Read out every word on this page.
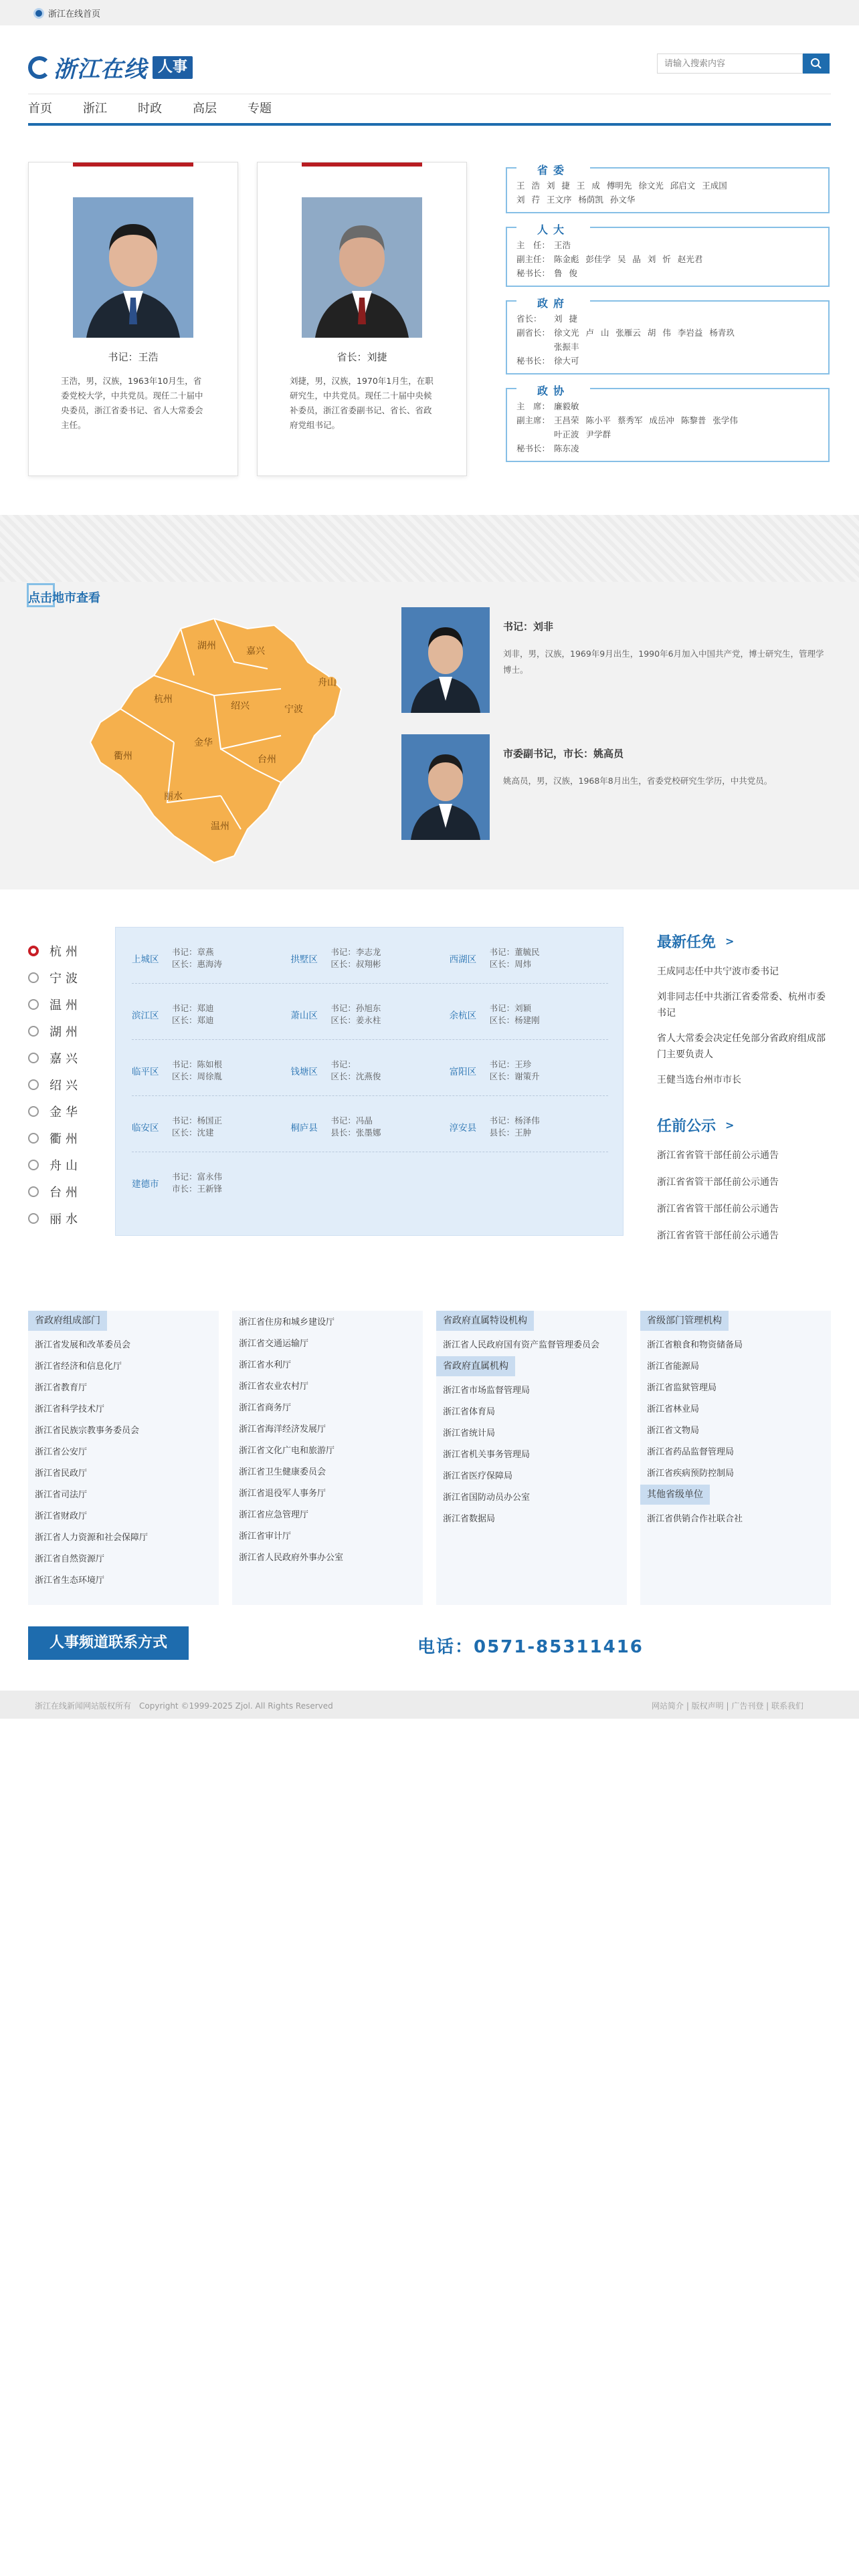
浙江在线首页
浙江在线 人事
请输入搜索内容
首页	浙江	时政	高层	专题
书记：王浩
王浩，男，汉族，1963年10月生，省委党校大学，中共党员。现任二十届中央委员，浙江省委书记、省人大常委会主任。
省长：刘捷
刘捷，男，汉族，1970年1月生，在职研究生，中共党员。现任二十届中央候补委员，浙江省委副书记、省长、省政府党组书记。
省委
王 浩 刘 捷 王 成 傅明先 徐文光 邱启文 王成国
刘 荇 王文序 杨荫凯 孙文华
人大
主　任： 王浩
副主任： 陈金彪 彭佳学 吴 晶 刘 忻 赵光君
秘书长： 鲁 俊
政府
省长：	刘 捷
副省长： 徐文光 卢 山 张雁云 胡 伟 李岩益 杨青玖
张振丰
秘书长： 徐大可
政协
主　席： 廉毅敏
副主席： 王昌荣 陈小平 蔡秀军 成岳冲 陈黎普 张学伟
叶正波 尹学群
秘书长： 陈东凌
点击地市查看
湖州	嘉兴
杭州
舟山
绍兴	宁波
金华
台州
衢州
丽水
温州
书记：刘非
刘非，男，汉族，1969年9月出生，1990年6月加入中国共产党，博士研究生，管理学博士。
市委副书记，市长：姚高员
姚高员，男，汉族，1968年8月出生，省委党校研究生学历，中共党员。
杭州
宁波
温州
湖州
嘉兴
绍兴
金华
衢州
舟山
台州
丽水
上城区
书记：章燕
区长：惠海涛	拱墅区
书记：李志龙
区长：叔翔彬	西湖区
书记：董毓民
区长：周炜
滨江区
书记：郑迪
区长：郑迪	萧山区
书记：孙旭东
区长：姜永柱	余杭区
书记：刘颖
区长：杨建刚
临平区
书记：陈如根
区长：周徐胤	钱塘区
书记：
区长：沈燕俊	富阳区
书记：王珍
区长：谢策升
临安区
书记：杨国正
区长：沈建	桐庐县
书记：冯晶
县长：张墨娜	淳安县
书记：杨泽伟
县长：王肿
建德市
书记：富永伟
市长：王新锋
最新任免 >
王成同志任中共宁波市委书记
刘非同志任中共浙江省委常委、杭州市委书记
省人大常委会决定任免部分省政府组成部门主要负责人
王健当选台州市市长
任前公示 >
浙江省省管干部任前公示通告
浙江省省管干部任前公示通告
浙江省省管干部任前公示通告
浙江省省管干部任前公示通告
省政府组成部门
浙江省发展和改革委员会
浙江省经济和信息化厅
浙江省教育厅
浙江省科学技术厅
浙江省民族宗教事务委员会
浙江省公安厅
浙江省民政厅
浙江省司法厅
浙江省财政厅
浙江省人力资源和社会保障厅
浙江省自然资源厅
浙江省生态环境厅
浙江省住房和城乡建设厅
浙江省交通运输厅
浙江省水利厅
浙江省农业农村厅
浙江省商务厅
浙江省海洋经济发展厅
浙江省文化广电和旅游厅
浙江省卫生健康委员会
浙江省退役军人事务厅
浙江省应急管理厅
浙江省审计厅
浙江省人民政府外事办公室
省政府直属特设机构
浙江省人民政府国有资产监督管理委员会
省政府直属机构
浙江省市场监督管理局
浙江省体育局
浙江省统计局
浙江省机关事务管理局
浙江省医疗保障局
浙江省国防动员办公室
浙江省数据局
省级部门管理机构
浙江省粮食和物资储备局
浙江省能源局
浙江省监狱管理局
浙江省林业局
浙江省文物局
浙江省药品监督管理局
浙江省疾病预防控制局
其他省级单位
浙江省供销合作社联合社
人事频道联系方式	电话：0571-85311416
浙江在线新闻网站版权所有　Copyright ©1999-2025 Zjol. All Rights Reserved	网站简介 | 版权声明 | 广告刊登 | 联系我们
